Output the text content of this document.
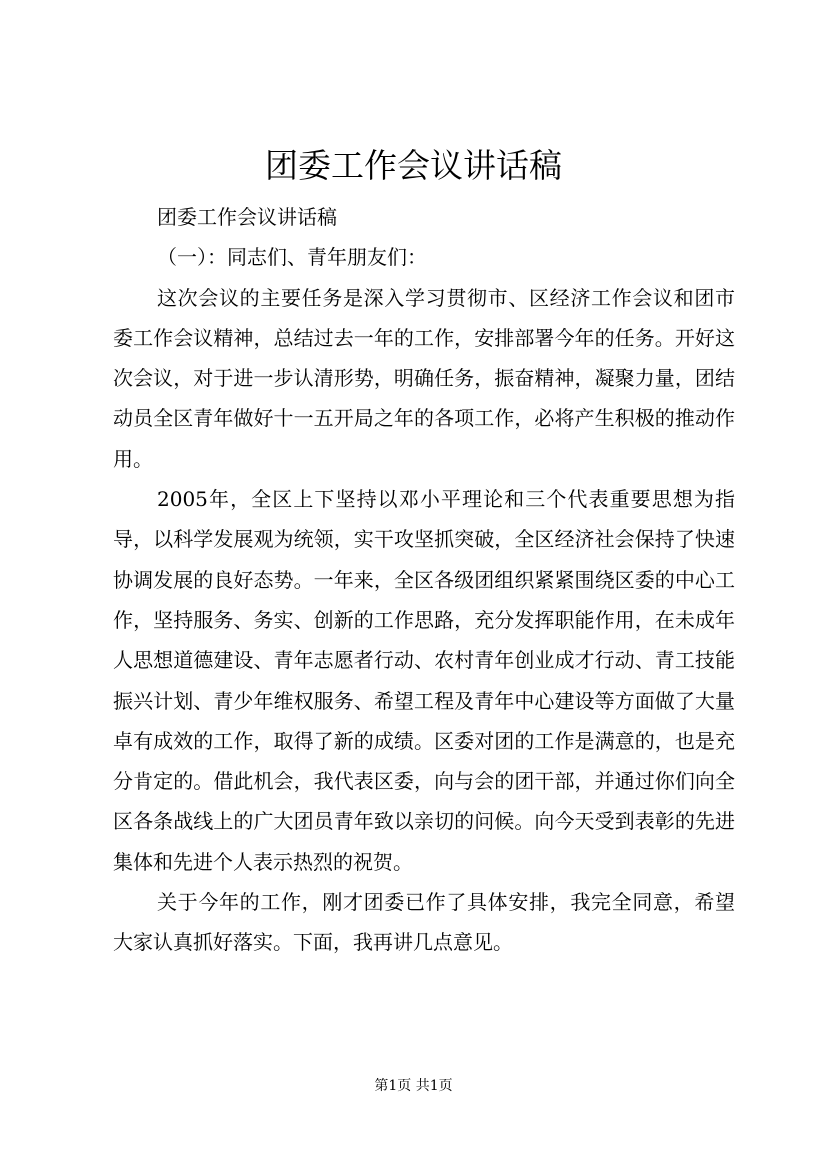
团委工作会议讲话稿

团委工作会议讲话稿

（一）：同志们、青年朋友们：

这次会议的主要任务是深入学习贯彻市、区经济工作会议和团市委工作会议精神，总结过去一年的工作，安排部署今年的任务。开好这次会议，对于进一步认清形势，明确任务，振奋精神，凝聚力量，团结动员全区青年做好十一五开局之年的各项工作，必将产生积极的推动作用。

2005年，全区上下坚持以邓小平理论和三个代表重要思想为指导，以科学发展观为统领，实干攻坚抓突破，全区经济社会保持了快速协调发展的良好态势。一年来，全区各级团组织紧紧围绕区委的中心工作，坚持服务、务实、创新的工作思路，充分发挥职能作用，在未成年人思想道德建设、青年志愿者行动、农村青年创业成才行动、青工技能振兴计划、青少年维权服务、希望工程及青年中心建设等方面做了大量卓有成效的工作，取得了新的成绩。区委对团的工作是满意的，也是充分肯定的。借此机会，我代表区委，向与会的团干部，并通过你们向全区各条战线上的广大团员青年致以亲切的问候。向今天受到表彰的先进集体和先进个人表示热烈的祝贺。

关于今年的工作，刚才团委已作了具体安排，我完全同意，希望大家认真抓好落实。下面，我再讲几点意见。

第1页 共1页
